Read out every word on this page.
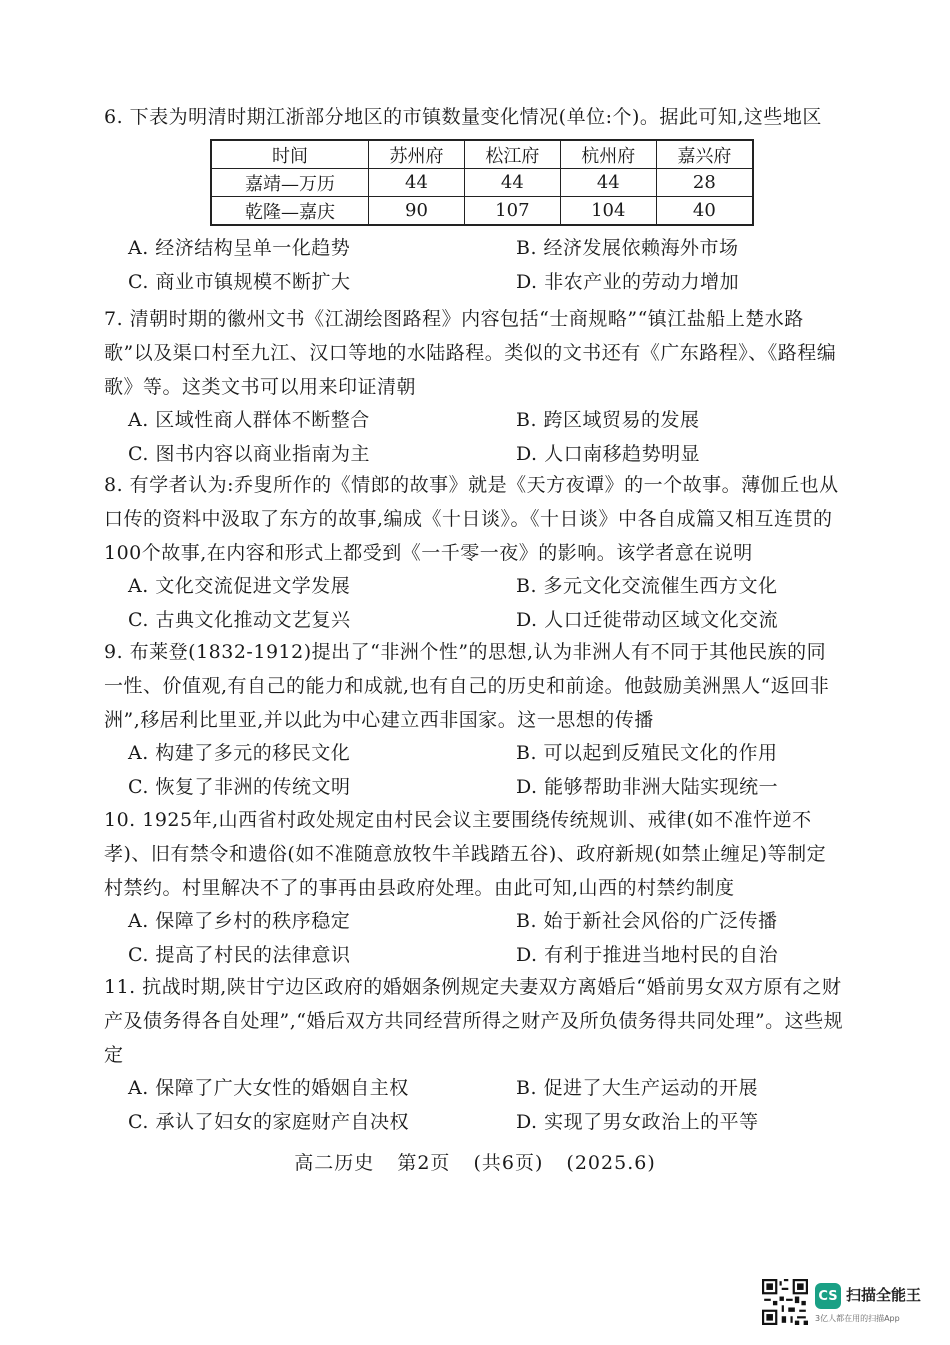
6. 下表为明清时期江浙部分地区的市镇数量变化情况(单位:个)。据此可知,这些地区

时间	苏州府	松江府	杭州府	嘉兴府
嘉靖—万历	44	44	44	28
乾隆—嘉庆	90	107	104	40
A. 经济结构呈单一化趋势	B. 经济发展依赖海外市场
C. 商业市镇规模不断扩大	D. 非农产业的劳动力增加

7. 清朝时期的徽州文书《江湖绘图路程》内容包括“士商规略”“镇江盐船上楚水路歌”以及渠口村至九江、汉口等地的水陆路程。类似的文书还有《广东路程》、《路程编歌》等。这类文书可以用来印证清朝

A. 区域性商人群体不断整合	B. 跨区域贸易的发展
C. 图书内容以商业指南为主	D. 人口南移趋势明显

8. 有学者认为:乔叟所作的《情郎的故事》就是《天方夜谭》的一个故事。薄伽丘也从口传的资料中汲取了东方的故事,编成《十日谈》。《十日谈》中各自成篇又相互连贯的100个故事,在内容和形式上都受到《一千零一夜》的影响。该学者意在说明

A. 文化交流促进文学发展	B. 多元文化交流催生西方文化
C. 古典文化推动文艺复兴	D. 人口迁徙带动区域文化交流

9. 布莱登(1832-1912)提出了“非洲个性”的思想,认为非洲人有不同于其他民族的同一性、价值观,有自己的能力和成就,也有自己的历史和前途。他鼓励美洲黑人“返回非洲”,移居利比里亚,并以此为中心建立西非国家。这一思想的传播

A. 构建了多元的移民文化	B. 可以起到反殖民文化的作用
C. 恢复了非洲的传统文明	D. 能够帮助非洲大陆实现统一

10. 1925年,山西省村政处规定由村民会议主要围绕传统规训、戒律(如不准忤逆不孝)、旧有禁令和遗俗(如不准随意放牧牛羊践踏五谷)、政府新规(如禁止缠足)等制定村禁约。村里解决不了的事再由县政府处理。由此可知,山西的村禁约制度

A. 保障了乡村的秩序稳定	B. 始于新社会风俗的广泛传播
C. 提高了村民的法律意识	D. 有利于推进当地村民的自治

11. 抗战时期,陕甘宁边区政府的婚姻条例规定夫妻双方离婚后“婚前男女双方原有之财产及债务得各自处理”,“婚后双方共同经营所得之财产及所负债务得共同处理”。这些规定

A. 保障了广大女性的婚姻自主权	B. 促进了大生产运动的开展
C. 承认了妇女的家庭财产自决权	D. 实现了男女政治上的平等
高二历史 第2页 (共6页) (2025.6)
CS 扫描全能王
3亿人都在用的扫描App
